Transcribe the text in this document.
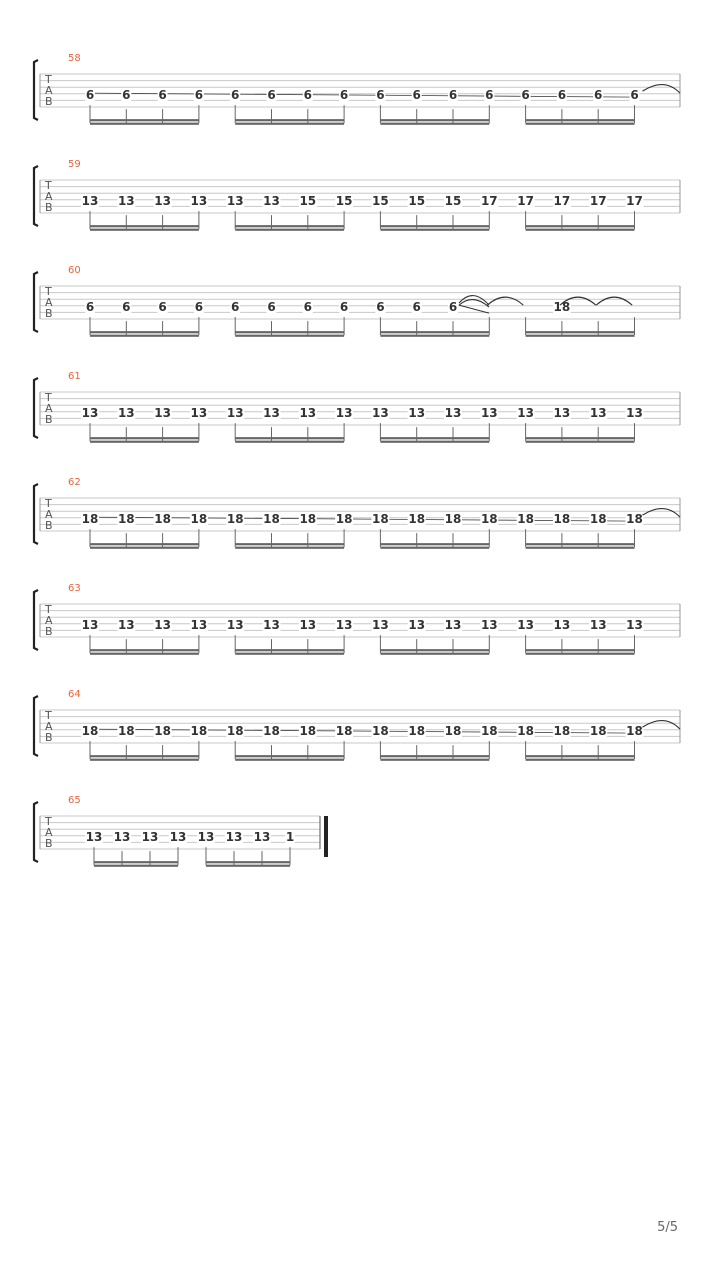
58
T
A
B	6 6 6 6 6 6 6 6 6 6 6 6 6 6 6 6
59
T
A
B 13 13 13 13 13 13 15 15 15 15 15 17 17 17 17 17
60
T
A
B	6 6 6 6 6 6 6 6 6 6 6	18
61
T
A
B 13 13 13 13 13 13 13 13 13 13 13 13 13 13 13 13
62
T
A
B 18 18 18 18 18 18 18 18 18 18 18 18 18 18 18 18
63
T
A
B 13 13 13 13 13 13 13 13 13 13 13 13 13 13 13 13
64
T
A
B 18 18 18 18 18 18 18 18 18 18 18 18 18 18 18 18
65
T
A
B	13 13 13 13 13 13 13 1
5/5
